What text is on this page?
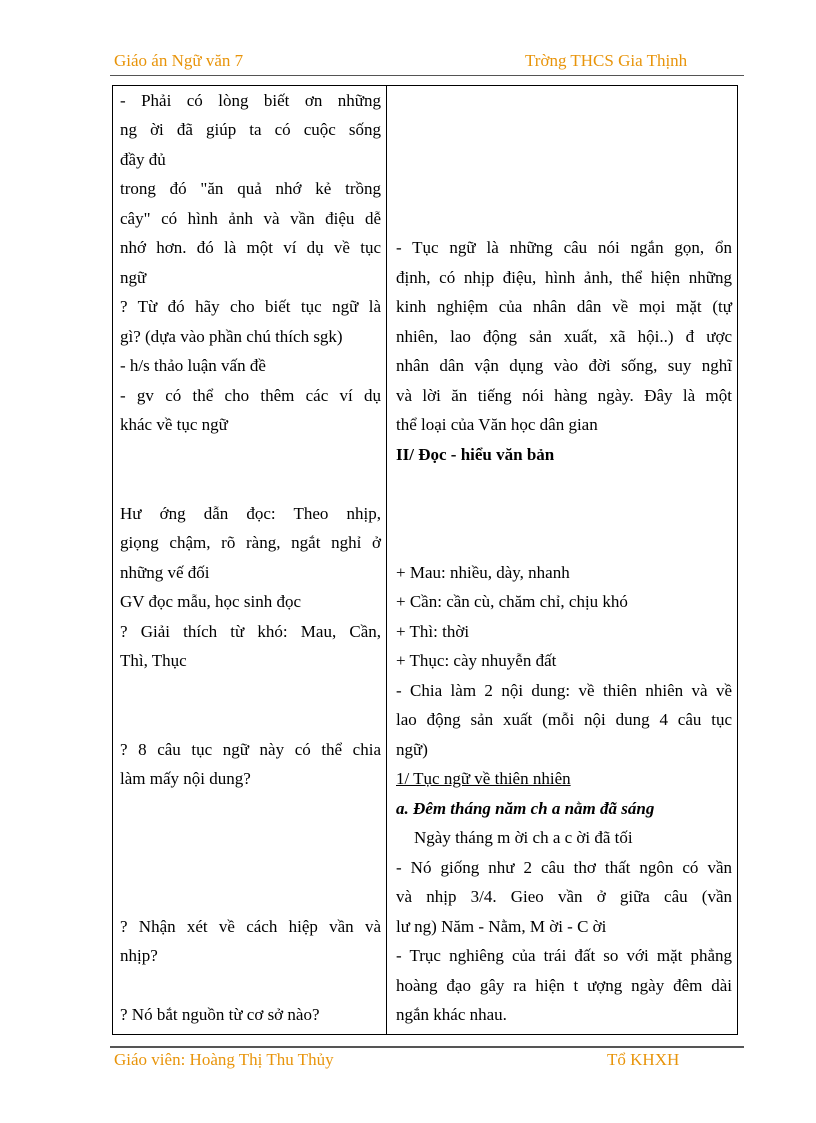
Giáo án Ngữ văn 7	Trờng THCS Gia Thịnh
- Phải có lòng biết ơn những
ng ời đã giúp ta có cuộc sống
đầy đủ
trong đó "ăn quả nhớ kẻ trồng
cây" có hình ảnh và vần điệu dễ
nhớ hơn. đó là một ví dụ về tục
ngữ
? Từ đó hãy cho biết tục ngữ là
gì? (dựa vào phần chú thích sgk)
- h/s thảo luận vấn đề
- gv có thể cho thêm các ví dụ
khác về tục ngữ
Hư ớng dẫn đọc: Theo nhịp,
giọng chậm, rõ ràng, ngắt nghỉ ở
những vế đối
GV đọc mẫu, học sinh đọc
? Giải thích từ khó: Mau, Cần,
Thì, Thục
? 8 câu tục ngữ này có thể chia
làm mấy nội dung?
? Nhận xét về cách hiệp vần và
nhịp?
? Nó bắt nguồn từ cơ sở nào?
- Tục ngữ là những câu nói ngắn gọn, ổn
định, có nhịp điệu, hình ảnh, thể hiện những
kinh nghiệm của nhân dân về mọi mặt (tự
nhiên, lao động sản xuất, xã hội..) đ ược
nhân dân vận dụng vào đời sống, suy nghĩ
và lời ăn tiếng nói hàng ngày. Đây là một
thể loại của Văn học dân gian
II/ Đọc - hiểu văn bản
+ Mau: nhiều, dày, nhanh
+ Cần: cần cù, chăm chỉ, chịu khó
+ Thì: thời
+ Thục: cày nhuyễn đất
- Chia làm 2 nội dung: về thiên nhiên và về
lao động sản xuất (mỗi nội dung 4 câu tục
ngữ)
1/ Tục ngữ về thiên nhiên
a. Đêm tháng năm ch a nằm đã sáng
Ngày tháng m ời ch a c ời đã tối
- Nó giống như 2 câu thơ thất ngôn có vần
và nhịp 3/4. Gieo vần ở giữa câu (vần
lư ng) Năm - Nằm, M ời - C ời
- Trục nghiêng của trái đất so với mặt phẳng
hoàng đạo gây ra hiện t ượng ngày đêm dài
ngắn khác nhau.
Giáo viên: Hoàng Thị Thu Thủy	Tổ KHXH
